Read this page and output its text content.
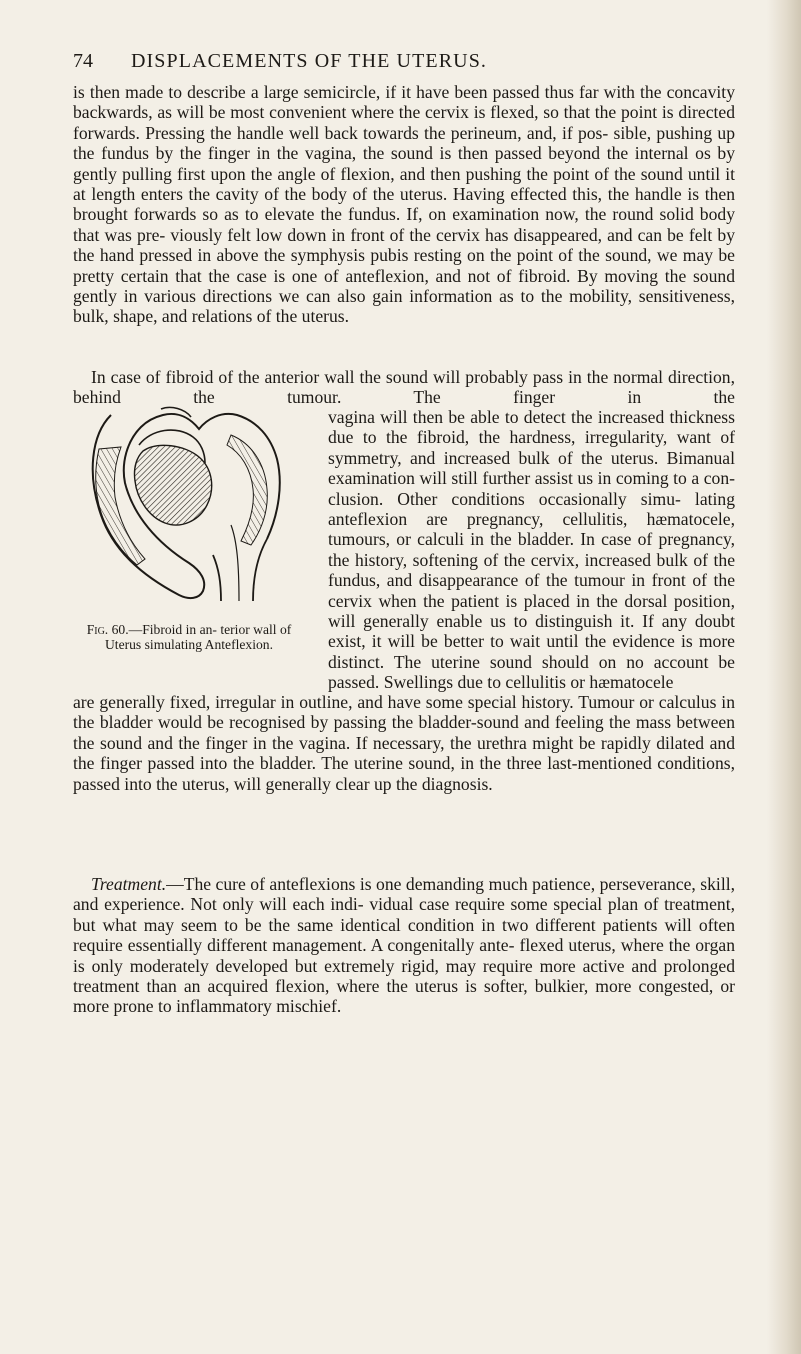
74 DISPLACEMENTS OF THE UTERUS.

is then made to describe a large semicircle, if it have been passed thus far with the concavity backwards, as will be most convenient where the cervix is flexed, so that the point is directed forwards. Pressing the handle well back towards the perineum, and, if pos- sible, pushing up the fundus by the finger in the vagina, the sound is then passed beyond the internal os by gently pulling first upon the angle of flexion, and then pushing the point of the sound until it at length enters the cavity of the body of the uterus. Having effected this, the handle is then brought forwards so as to elevate the fundus. If, on examination now, the round solid body that was pre- viously felt low down in front of the cervix has disappeared, and can be felt by the hand pressed in above the symphysis pubis resting on the point of the sound, we may be pretty certain that the case is one of anteflexion, and not of fibroid. By moving the sound gently in various directions we can also gain information as to the mobility, sensitiveness, bulk, shape, and relations of the uterus.

In case of fibroid of the anterior wall the sound will probably pass in the normal direction, behind the tumour. The finger in the

vagina will then be able to detect the increased thickness due to the fibroid, the hardness, irregularity, want of symmetry, and increased bulk of the uterus. Bimanual examination will still further assist us in coming to a con- clusion. Other conditions occasionally simu- lating anteflexion are pregnancy, cellulitis, hæmatocele, tumours, or calculi in the bladder. In case of pregnancy, the history, softening of the cervix, increased bulk of the fundus, and disappearance of the tumour in front of the cervix when the patient is placed in the dorsal position, will generally enable us to distinguish it. If any doubt exist, it will be better to wait until the evidence is more distinct. The uterine sound should on no account be passed. Swellings due to cellulitis or hæmatocele

Fig. 60.—Fibroid in an- terior wall of Uterus simulating Anteflexion.

are generally fixed, irregular in outline, and have some special history. Tumour or calculus in the bladder would be recognised by passing the bladder-sound and feeling the mass between the sound and the finger in the vagina. If necessary, the urethra might be rapidly dilated and the finger passed into the bladder. The uterine sound, in the three last-mentioned conditions, passed into the uterus, will generally clear up the diagnosis.

Treatment.—The cure of anteflexions is one demanding much patience, perseverance, skill, and experience. Not only will each indi- vidual case require some special plan of treatment, but what may seem to be the same identical condition in two different patients will often require essentially different management. A congenitally ante- flexed uterus, where the organ is only moderately developed but extremely rigid, may require more active and prolonged treatment than an acquired flexion, where the uterus is softer, bulkier, more congested, or more prone to inflammatory mischief.
